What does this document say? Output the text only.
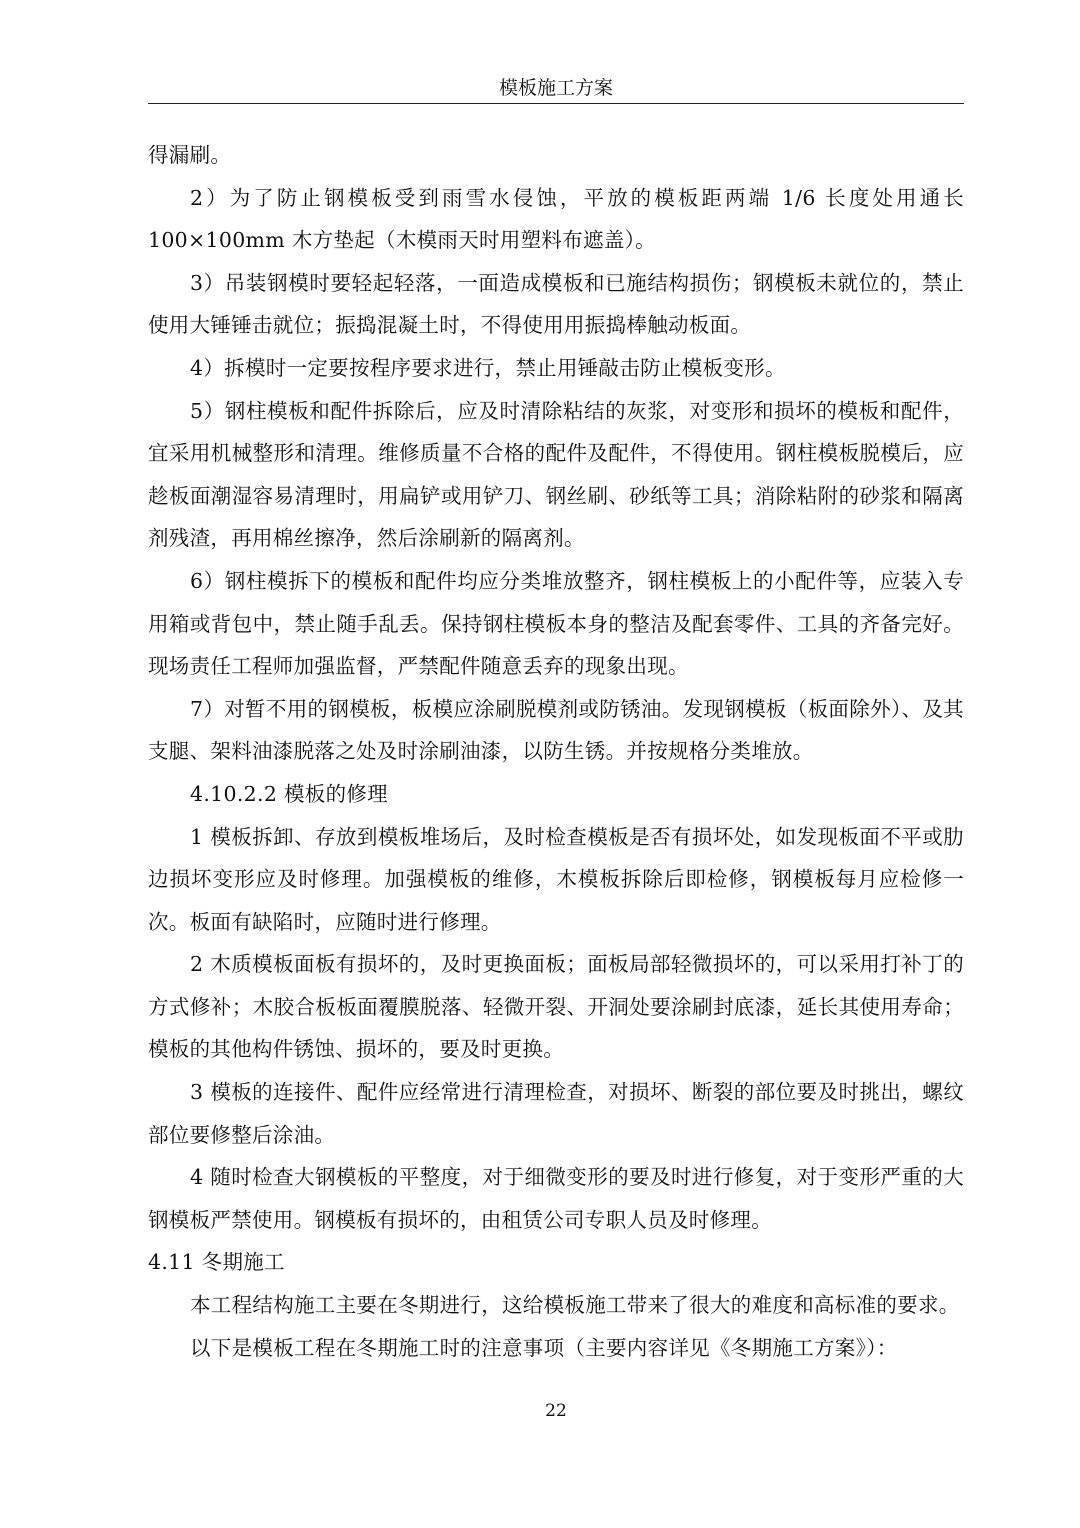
模板施工方案

得漏刷。

2）为了防止钢模板受到雨雪水侵蚀，平放的模板距两端 1/6 长度处用通长 100×100mm 木方垫起（木模雨天时用塑料布遮盖）。

3）吊装钢模时要轻起轻落，一面造成模板和已施结构损伤；钢模板未就位的，禁止使用大锤锤击就位；振捣混凝土时，不得使用用振捣棒触动板面。

4）拆模时一定要按程序要求进行，禁止用锤敲击防止模板变形。

5）钢柱模板和配件拆除后，应及时清除粘结的灰浆，对变形和损坏的模板和配件，宜采用机械整形和清理。维修质量不合格的配件及配件，不得使用。钢柱模板脱模后，应趁板面潮湿容易清理时，用扁铲或用铲刀、钢丝刷、砂纸等工具；消除粘附的砂浆和隔离剂残渣，再用棉丝擦净，然后涂刷新的隔离剂。

6）钢柱模拆下的模板和配件均应分类堆放整齐，钢柱模板上的小配件等，应装入专用箱或背包中，禁止随手乱丢。保持钢柱模板本身的整洁及配套零件、工具的齐备完好。现场责任工程师加强监督，严禁配件随意丢弃的现象出现。

7）对暂不用的钢模板，板模应涂刷脱模剂或防锈油。发现钢模板（板面除外）、及其支腿、架料油漆脱落之处及时涂刷油漆，以防生锈。并按规格分类堆放。

4.10.2.2 模板的修理

1 模板拆卸、存放到模板堆场后，及时检查模板是否有损坏处，如发现板面不平或肋边损坏变形应及时修理。加强模板的维修，木模板拆除后即检修，钢模板每月应检修一次。板面有缺陷时，应随时进行修理。

2 木质模板面板有损坏的，及时更换面板；面板局部轻微损坏的，可以采用打补丁的方式修补；木胶合板板面覆膜脱落、轻微开裂、开洞处要涂刷封底漆，延长其使用寿命； 模板的其他构件锈蚀、损坏的，要及时更换。

3 模板的连接件、配件应经常进行清理检查，对损坏、断裂的部位要及时挑出，螺纹部位要修整后涂油。

4 随时检查大钢模板的平整度，对于细微变形的要及时进行修复，对于变形严重的大钢模板严禁使用。钢模板有损坏的，由租赁公司专职人员及时修理。

4.11 冬期施工

本工程结构施工主要在冬期进行，这给模板施工带来了很大的难度和高标准的要求。

以下是模板工程在冬期施工时的注意事项（主要内容详见《冬期施工方案》）：

22
